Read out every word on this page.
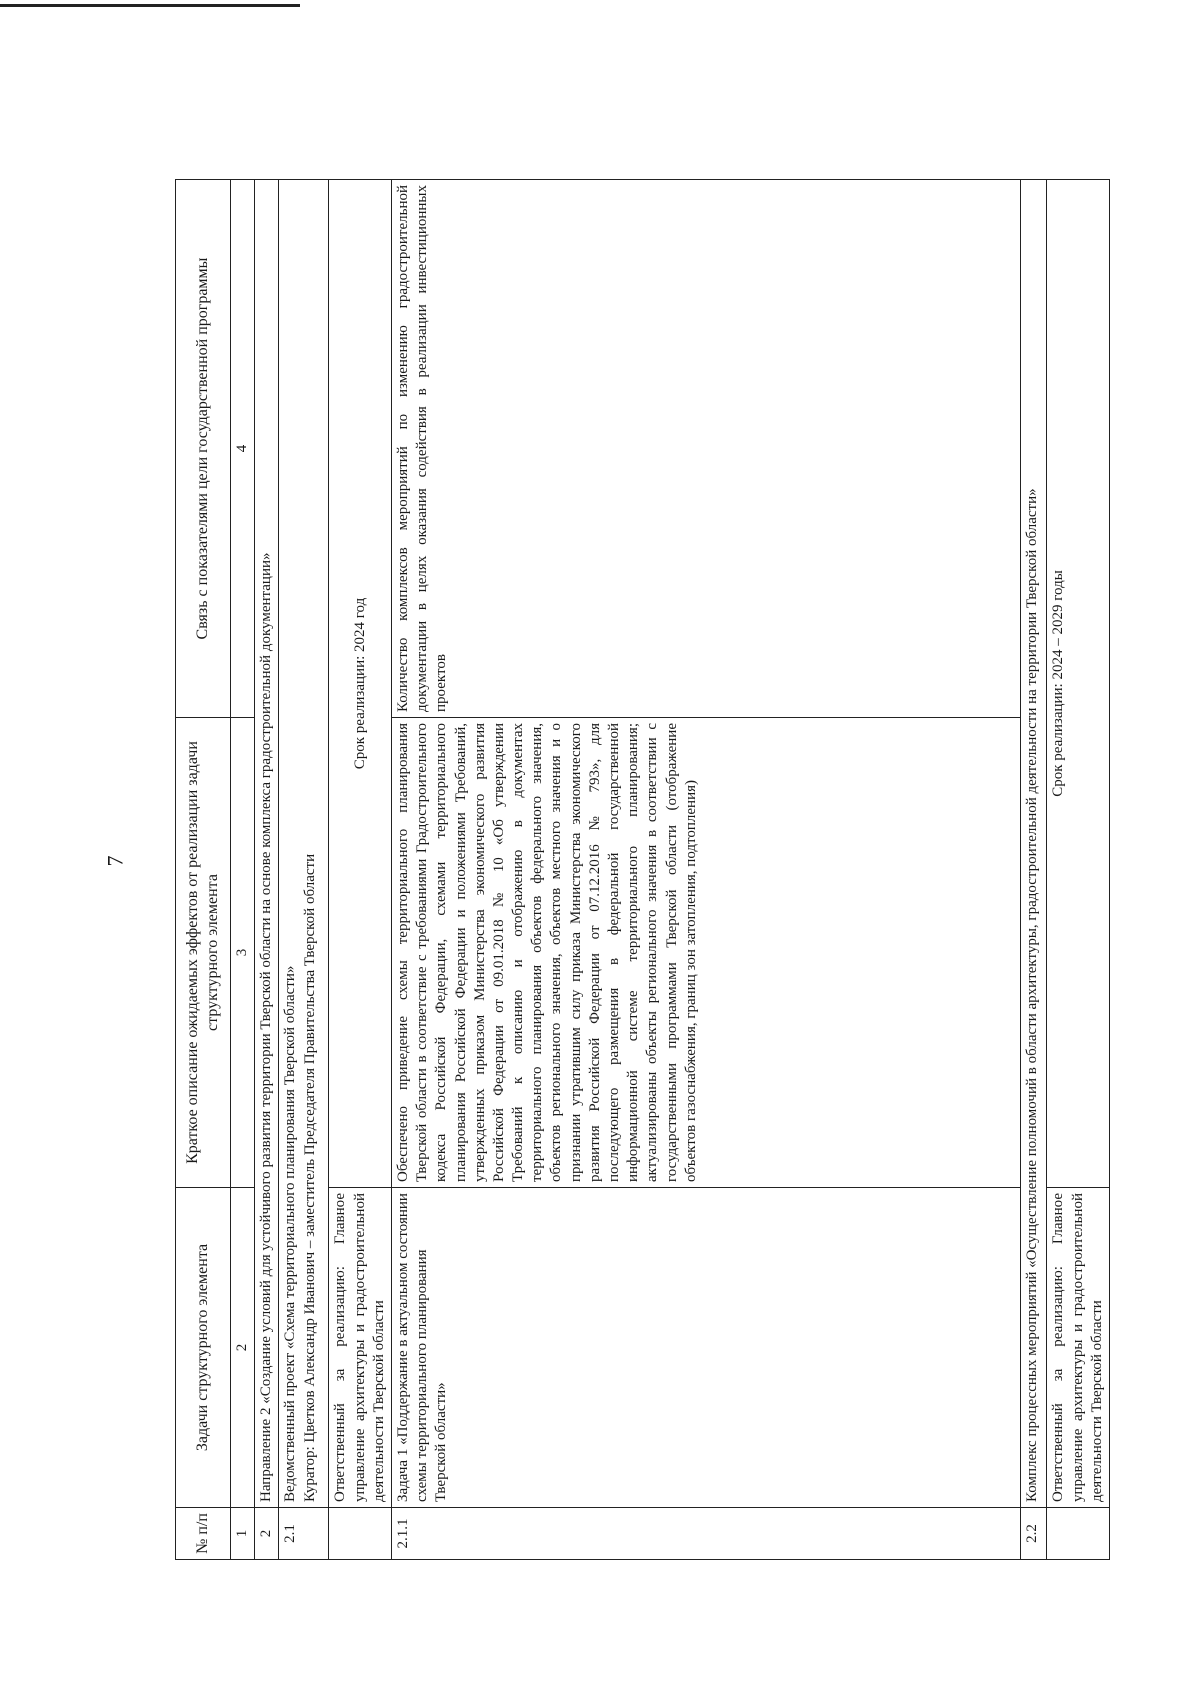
7
№ п/п	Задачи структурного элемента	Краткое описание ожидаемых эффектов от реализации задачи структурного элемента	Связь с показателями цели государственной программы
1	2	3	4
2	Направление 2 «Создание условий для устойчивого развития территории Тверской области на основе комплекса градостроительной документации»		
2.1	Ведомственный проект «Схема территориального планирования Тверской области» Куратор: Цветков Александр Иванович – заместитель Председателя Правительства Тверской области		

	Ответственный за реализацию: Главное управление архитектуры и градостроительной деятельности Тверской области	Срок реализации: 2024 год	
2.1.1	Задача 1 «Поддержание в актуальном состоянии схемы территориального планирования Тверской области»	Обеспечено приведение схемы территориального планирования Тверской области в соответствие с требованиями Градостроительного кодекса Российской Федерации, схемами территориального планирования Российской Федерации и положениями Требований, утвержденных приказом Министерства экономического развития Российской Федерации от 09.01.2018 № 10 «Об утверждении Требований к описанию и отображению в документах территориального планирования объектов федерального значения, объектов регионального значения, объектов местного значения и о признании утратившим силу приказа Министерства экономического развития Российской Федерации от 07.12.2016 № 793», для последующего размещения в федеральной государственной информационной системе территориального планирования; актуализированы объекты регионального значения в соответствии с государственными программами Тверской области (отображение объектов газоснабжения, границ зон затопления, подтопления)	Количество комплексов мероприятий по изменению градостроительной документации в целях оказания содействия в реализации инвестиционных проектов
2.2	Комплекс процессных мероприятий «Осуществление полномочий в области архитектуры, градостроительной деятельности на территории Тверской области»		
	Ответственный за реализацию: Главное управление архитектуры и градостроительной деятельности Тверской области	Срок реализации: 2024 – 2029 годы	
